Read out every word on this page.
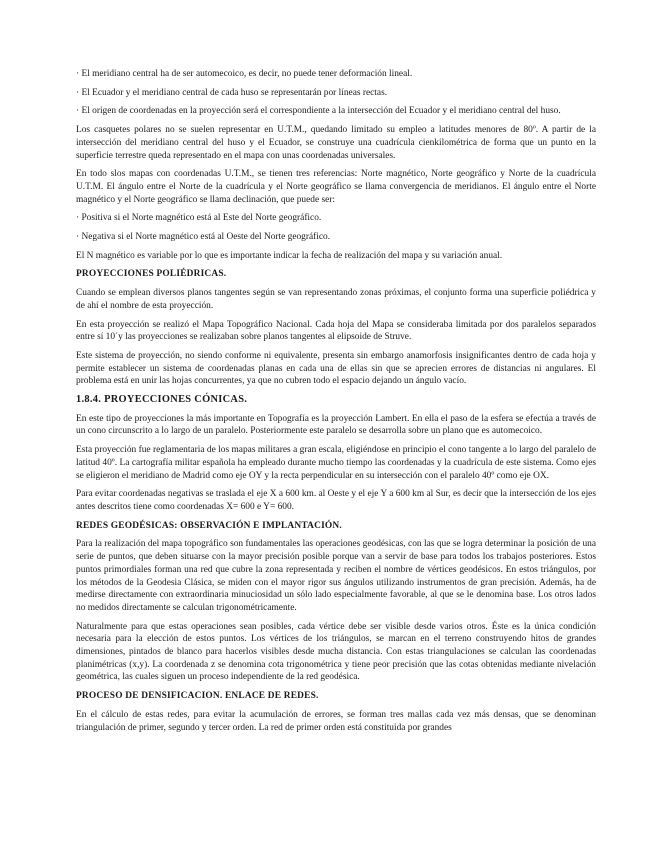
· El meridiano central ha de ser automecoico, es decir, no puede tener deformación lineal.

· El Ecuador y el meridiano central de cada huso se representarán por líneas rectas.

· El origen de coordenadas en la proyección será el correspondiente a la intersección del Ecuador y el meridiano central del huso.

Los casquetes polares no se suelen representar en U.T.M., quedando limitado su empleo a latitudes menores de 80º. A partir de la intersección del meridiano central del huso y el Ecuador, se construye una cuadrícula cienkilométrica de forma que un punto en la superficie terrestre queda representado en el mapa con unas coordenadas universales.

En todo slos mapas con coordenadas U.T.M., se tienen tres referencias: Norte magnético, Norte geográfico y Norte de la cuadrícula U.T.M. El ángulo entre el Norte de la cuadrícula y el Norte geográfico se llama convergencia de meridianos. El ángulo entre el Norte magnético y el Norte geográfico se llama declinación, que puede ser:

· Positiva si el Norte magnético está al Este del Norte geográfico.

· Negativa si el Norte magnético está al Oeste del Norte geográfico.

El N magnético es variable por lo que es importante indicar la fecha de realización del mapa y su variación anual.

PROYECCIONES POLIÉDRICAS.

Cuando se emplean diversos planos tangentes según se van representando zonas próximas, el conjunto forma una superficie poliédrica y de ahí el nombre de esta proyección.

En esta proyección se realizó el Mapa Topográfico Nacional. Cada hoja del Mapa se consideraba limitada por dos paralelos separados entre sí 10´y las proyecciones se realizaban sobre planos tangentes al elipsoide de Struve.

Este sistema de proyección, no siendo conforme ni equivalente, presenta sin embargo anamorfosis insignificantes dentro de cada hoja y permite establecer un sistema de coordenadas planas en cada una de ellas sin que se aprecien errores de distancias ni angulares. El problema está en unir las hojas concurrentes, ya que no cubren todo el espacio dejando un ángulo vacío.

1.8.4. PROYECCIONES CÓNICAS.

En este tipo de proyecciones la más importante en Topografía es la proyección Lambert. En ella el paso de la esfera se efectúa a través de un cono circunscrito a lo largo de un paralelo. Posteriormente este paralelo se desarrolla sobre un plano que es automecoico.

Esta proyección fue reglamentaria de los mapas militares a gran escala, eligiéndose en principio el cono tangente a lo largo del paralelo de latitud 40º. La cartografía militar española ha empleado durante mucho tiempo las coordenadas y la cuadrícula de este sistema. Como ejes se eligieron el meridiano de Madrid como eje OY y la recta perpendicular en su intersección con el paralelo 40º como eje OX.

Para evitar coordenadas negativas se traslada el eje X a 600 km. al Oeste y el eje Y a 600 km al Sur, es decir que la intersección de los ejes antes descritos tiene como coordenadas X= 600 e Y= 600.

REDES GEODÉSICAS: OBSERVACIÓN E IMPLANTACIÓN.

Para la realización del mapa topográfico son fundamentales las operaciones geodésicas, con las que se logra determinar la posición de una serie de puntos, que deben situarse con la mayor precisión posible porque van a servir de base para todos los trabajos posteriores. Estos puntos primordiales forman una red que cubre la zona representada y reciben el nombre de vértices geodésicos. En estos triángulos, por los métodos de la Geodesia Clásica, se miden con el mayor rigor sus ángulos utilizando instrumentos de gran precisión. Además, ha de medirse directamente con extraordinaria minuciosidad un sólo lado especialmente favorable, al que se le denomina base. Los otros lados no medidos directamente se calculan trigonométricamente.

Naturalmente para que estas operaciones sean posibles, cada vértice debe ser visible desde varios otros. Éste es la única condición necesaria para la elección de estos puntos. Los vértices de los triángulos, se marcan en el terreno construyendo hitos de grandes dimensiones, pintados de blanco para hacerlos visibles desde mucha distancia. Con estas triangulaciones se calculan las coordenadas planimétricas (x,y). La coordenada z se denomina cota trigonométrica y tiene peor precisión que las cotas obtenidas mediante nivelación geométrica, las cuales siguen un proceso independiente de la red geodésica.

PROCESO DE DENSIFICACION. ENLACE DE REDES.

En el cálculo de estas redes, para evitar la acumulación de errores, se forman tres mallas cada vez más densas, que se denominan triangulación de primer, segundo y tercer orden. La red de primer orden está constituida por grandes
